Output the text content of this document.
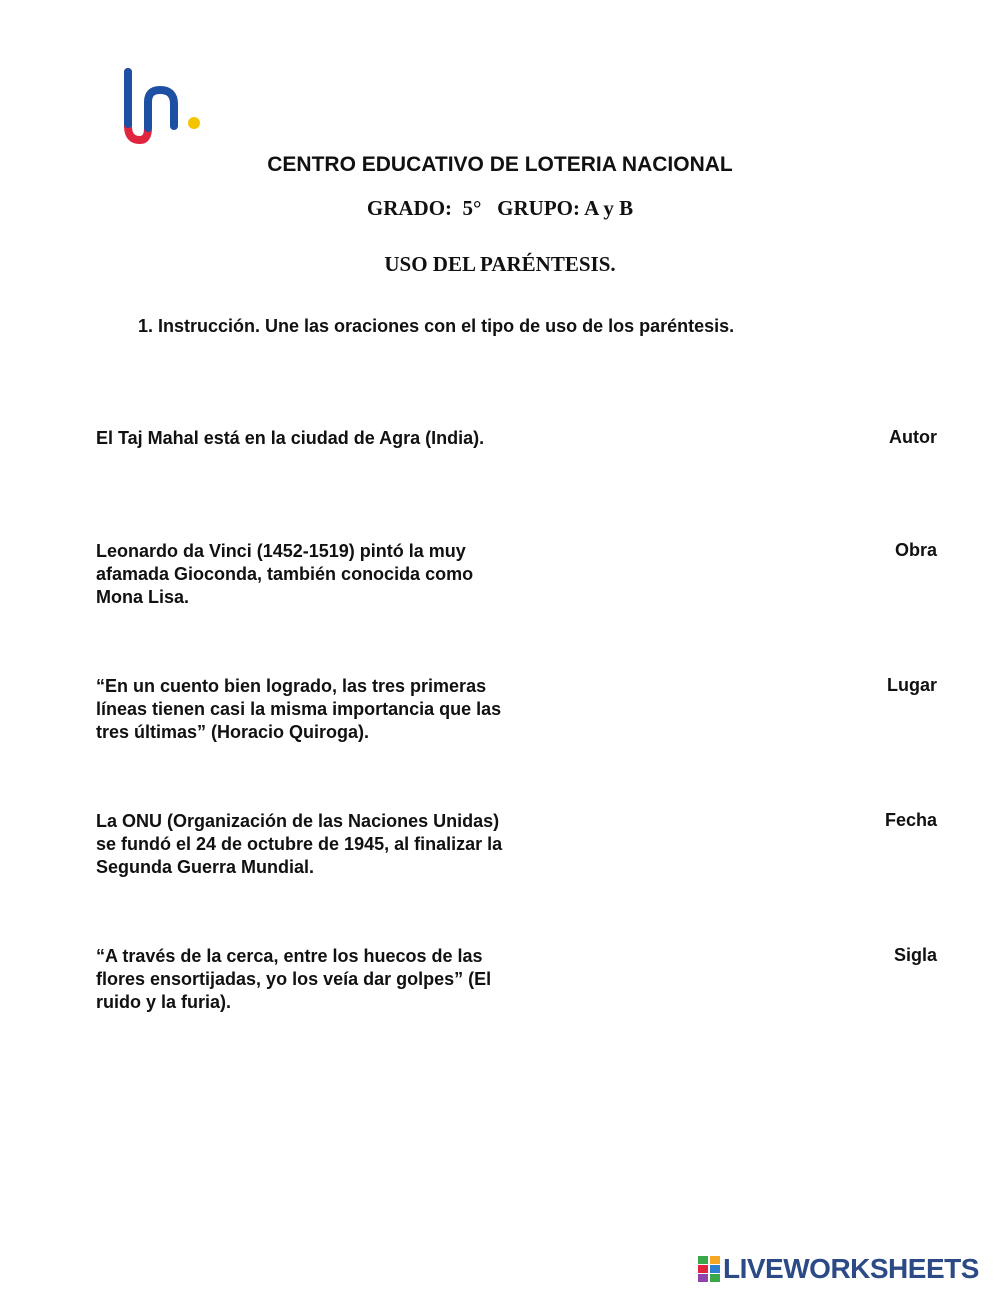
CENTRO EDUCATIVO DE LOTERIA NACIONAL
GRADO:  5°   GRUPO: A y B
USO DEL PARÉNTESIS.
1. Instrucción. Une las oraciones con el tipo de uso de los paréntesis.
El Taj Mahal está en la ciudad de Agra (India).
Leonardo da Vinci (1452-1519) pintó la muy afamada Gioconda, también conocida como Mona Lisa.
“En un cuento bien logrado, las tres primeras líneas tienen casi la misma importancia que las tres últimas” (Horacio Quiroga).
La ONU (Organización de las Naciones Unidas) se fundó el 24 de octubre de 1945, al finalizar la Segunda Guerra Mundial.
“A través de la cerca, entre los huecos de las flores ensortijadas, yo los veía dar golpes” (El ruido y la furia).
Autor
Obra
Lugar
Fecha
Sigla
LIVEWORKSHEETS
